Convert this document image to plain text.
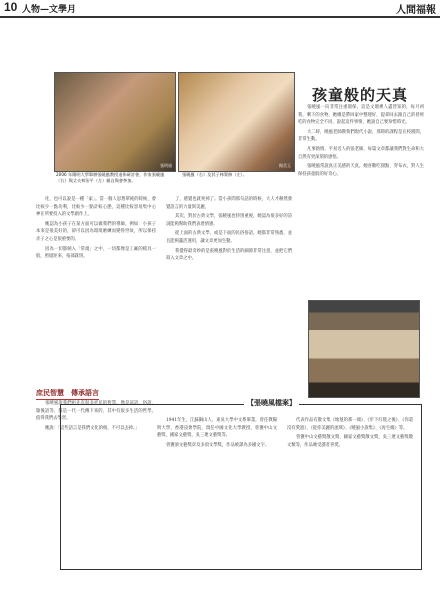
10 人物—文學月	人間福報
張明頒	楊美玉
2006 年陽明大學舉辦張曉風教授退休研討會，作家張曉風（右）與丈夫林治平（左）親自與會參加。
張曉風（右）及其子林質修（左）。
孩童般的天真

張曉風一向非常注重環保，這是文壇裡人盡皆知的，每月初我，剩下的食物，她總是帶回家中整理好，提拿回去跟自己的曾經吃的食物完全不同，說起這件事情，她說自己要珍惜時光。

大二時，曉風老師教我們現代小說，那時的課程是在校園間，非常生動。

凡事熱情，平易近人的張老師，每篇文章都讓我們對生命和大自然有更深刻的感悟。

張曉風常說真正美感的天真，她喜歡吃甜點、穿布衣，對人生保持孩童般的好奇心。

化，也可以說是一種「家」。當一個人思想單純的時候，會比較少一點功利，比較少一點計較心態，這種比較容易集中心神在所要投入的文學創作上。

她認為小孩子在某方面可以做我們的導師，例如：小孩子本來是很美好的，卻可以因為環境磨練而變得世故，所以保持赤子之心是很重要的。

因為一切都納入「常規」之中，一切都像是工廠的模具一般，照規矩來，按部就班。

庶民智慧　傳承語言

張曉風說我們祖先有很多庶民的智慧，像是諺語、俗語、歇後語等，都是一代一代傳下來的，其中有很多生活的哲學，值得我們去學習。

她說：「這些語言是我們文化的根，不可以丟掉。」

了，感覺也就死掉了。當小孩問那句話的時候，大人才赫然發覺語言的力量與美麗。

其次，對於古典文學，張曉風也特別重視，她認為很多好的詩詞能夠幫助我們表達情感。

從上面的古典文學，或是下面的民俗俗語，她都非常熟悉，並且能夠靈活運用，讓文章更加生動。

我覺得最奇妙的是張曉風對於生活的細節非常注意，並把它們寫入文章之中。

1941年生，江蘇銅山人，東吳大學中文系畢業，曾任教陽明大學、香港浸會學院，現任中國文化大學教授，曾獲中山文藝獎、國家文藝獎、吳三連文藝獎等。

曾獲頒文藝獎章及多項文學獎，作品被譯為多國文字。

代表作品有散文集《地毯的那一端》、《步下紅毯之後》、《你還沒有愛過》、《從你美麗的流域》、《曉風小說集》、《再生緣》等。

曾獲中山文藝獎散文獎、國家文藝獎散文獎、吳三連文藝獎散文類等，作品廣受讀者喜愛。

【張曉風檔案】
